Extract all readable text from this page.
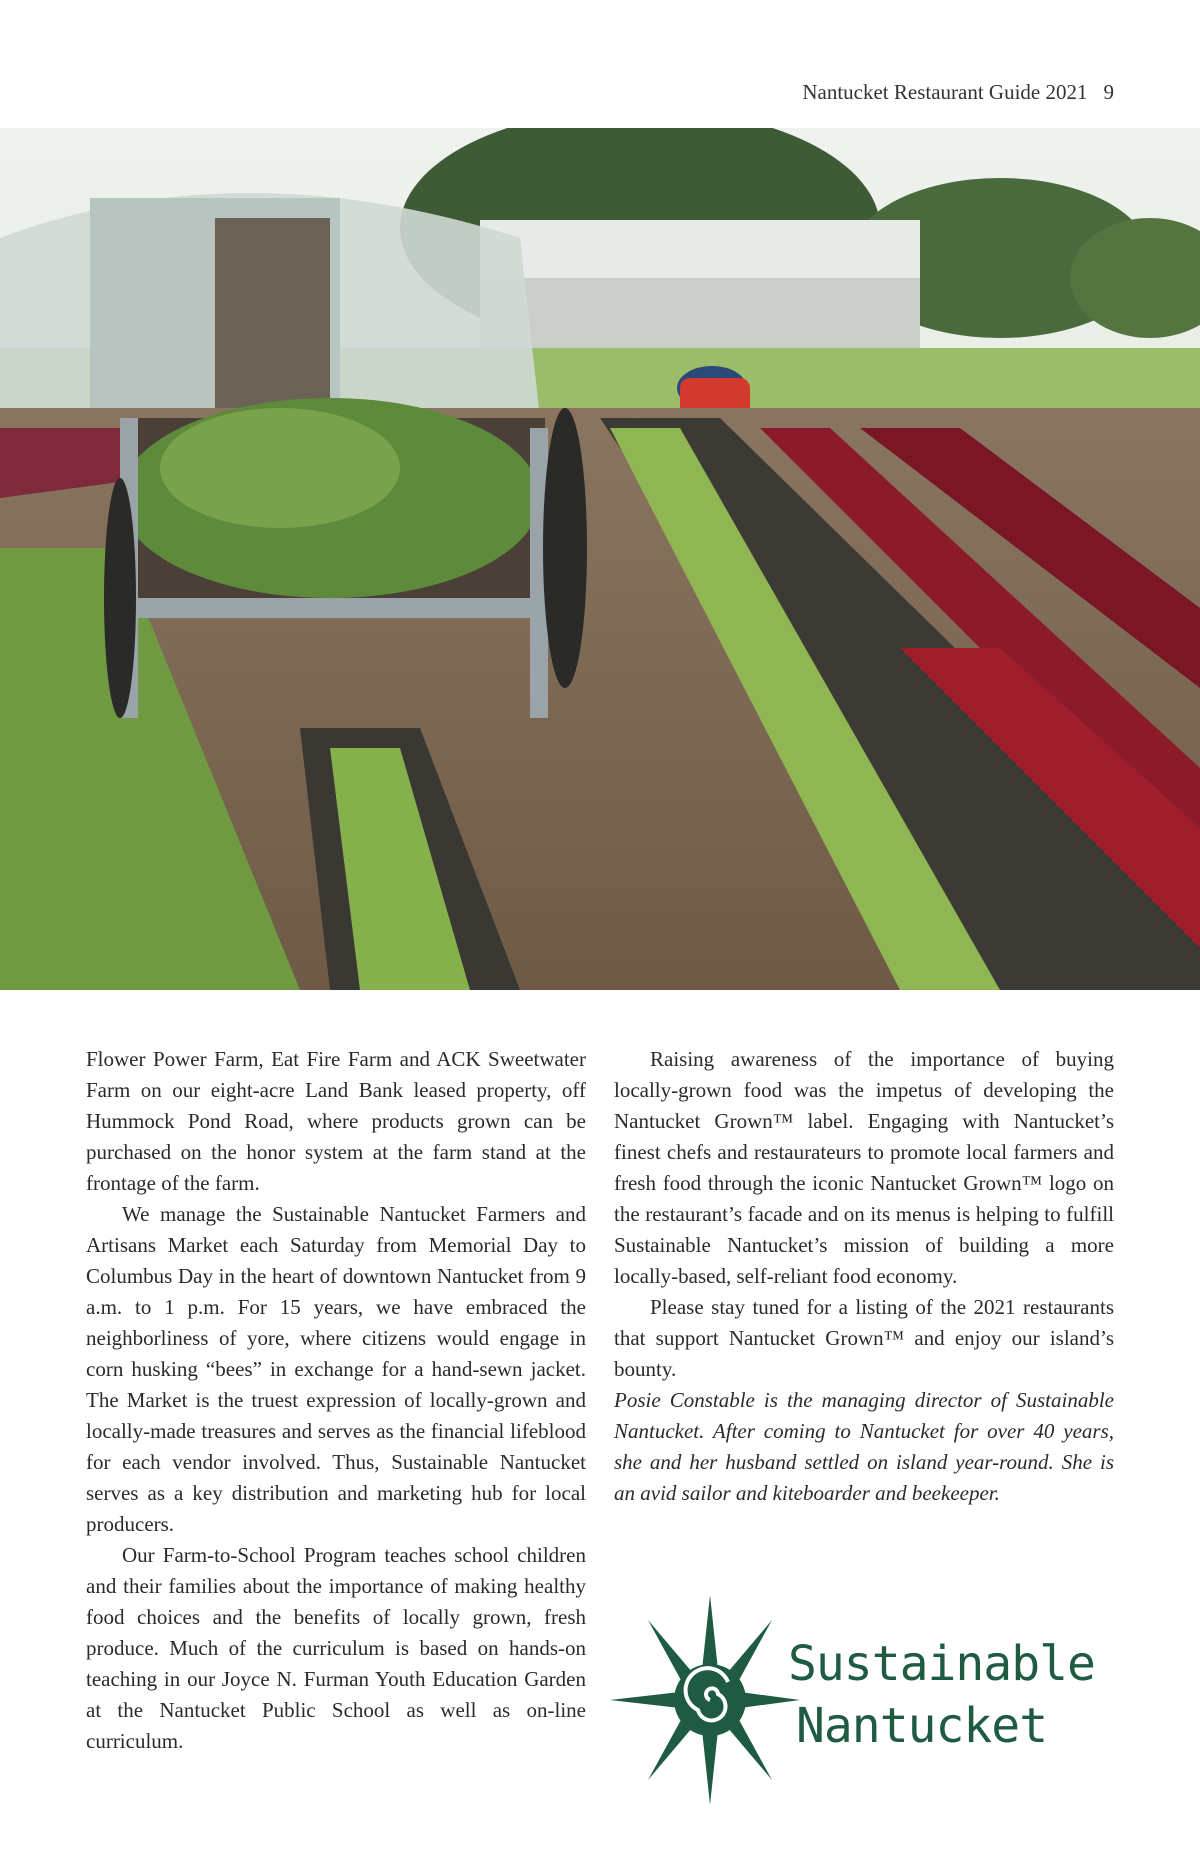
Nantucket Restaurant Guide 2021 9

Flower Power Farm, Eat Fire Farm and ACK Sweetwater Farm on our eight-acre Land Bank leased property, off Hummock Pond Road, where products grown can be purchased on the honor system at the farm stand at the frontage of the farm.

We manage the Sustainable Nantucket Farmers and Artisans Market each Saturday from Memorial Day to Columbus Day in the heart of downtown Nantucket from 9 a.m. to 1 p.m. For 15 years, we have embraced the neighborliness of yore, where citizens would engage in corn husking “bees” in exchange for a hand-sewn jacket. The Market is the truest expression of locally-grown and locally-made treasures and serves as the financial lifeblood for each vendor involved. Thus, Sustainable Nantucket serves as a key distribution and marketing hub for local producers.

Our Farm-to-School Program teaches school children and their families about the importance of making healthy food choices and the benefits of locally grown, fresh produce. Much of the curriculum is based on hands-on teaching in our Joyce N. Furman Youth Education Garden at the Nantucket Public School as well as on-line curriculum.

Raising awareness of the importance of buying locally-grown food was the impetus of developing the Nantucket Grown™ label. Engaging with Nantucket’s finest chefs and restaurateurs to promote local farmers and fresh food through the iconic Nantucket Grown™ logo on the restaurant’s facade and on its menus is helping to fulfill Sustainable Nantucket’s mission of building a more locally-based, self-reliant food economy.

Please stay tuned for a listing of the 2021 restaurants that support Nantucket Grown™ and enjoy our island’s bounty.

Posie Constable is the managing director of Sustainable Nantucket. After coming to Nantucket for over 40 years, she and her husband settled on island year-round. She is an avid sailor and kiteboarder and beekeeper.

Sustainable
Nantucket
